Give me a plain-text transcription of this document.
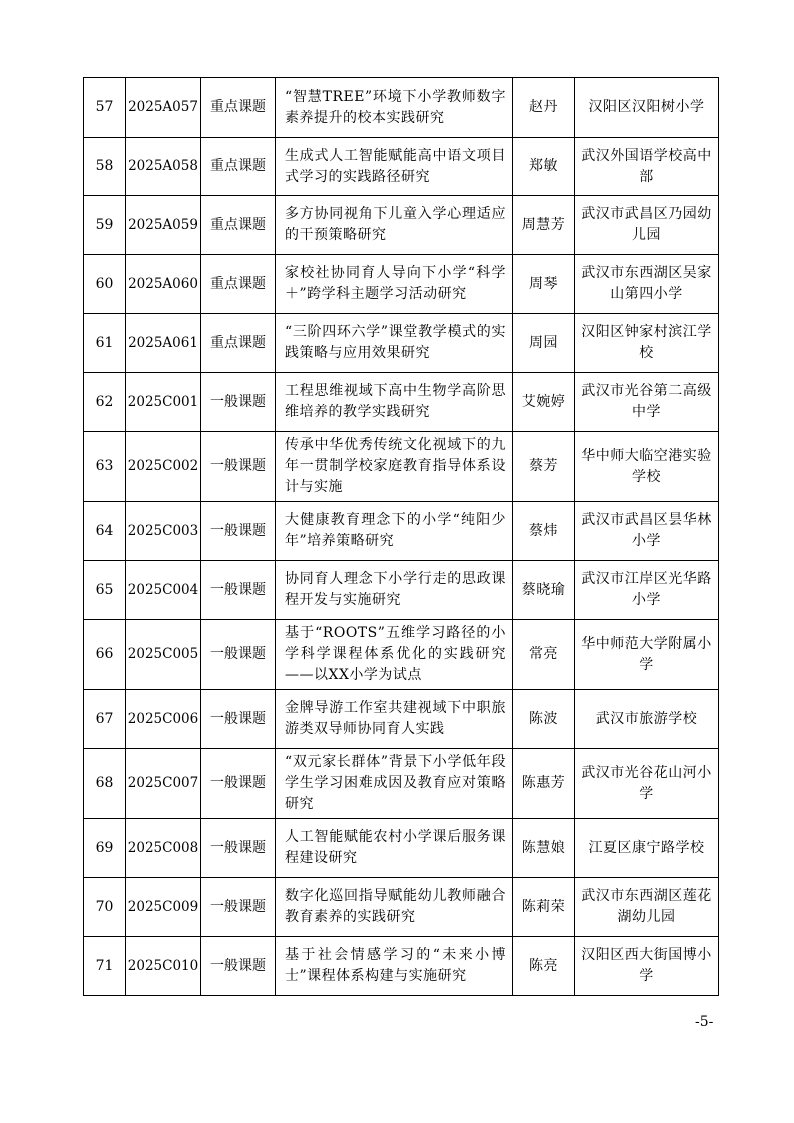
57	2025A057	重点课题	“智慧TREE”环境下小学教师数字素养提升的校本实践研究	赵丹	汉阳区汉阳树小学
58	2025A058	重点课题	生成式人工智能赋能高中语文项目式学习的实践路径研究	郑敏	武汉外国语学校高中部
59	2025A059	重点课题	多方协同视角下儿童入学心理适应的干预策略研究	周慧芳	武汉市武昌区乃园幼儿园
60	2025A060	重点课题	家校社协同育人导向下小学“科学＋”跨学科主题学习活动研究	周琴	武汉市东西湖区吴家山第四小学
61	2025A061	重点课题	“三阶四环六学”课堂教学模式的实践策略与应用效果研究	周园	汉阳区钟家村滨江学校
62	2025C001	一般课题	工程思维视域下高中生物学高阶思维培养的教学实践研究	艾婉婷	武汉市光谷第二高级中学
63	2025C002	一般课题	传承中华优秀传统文化视域下的九年一贯制学校家庭教育指导体系设计与实施	蔡芳	华中师大临空港实验学校
64	2025C003	一般课题	大健康教育理念下的小学“纯阳少年”培养策略研究	蔡炜	武汉市武昌区昙华林小学
65	2025C004	一般课题	协同育人理念下小学行走的思政课程开发与实施研究	蔡晓瑜	武汉市江岸区光华路小学
66	2025C005	一般课题	基于“ROOTS”五维学习路径的小学科学课程体系优化的实践研究——以XX小学为试点	常亮	华中师范大学附属小学
67	2025C006	一般课题	金牌导游工作室共建视域下中职旅游类双导师协同育人实践	陈波	武汉市旅游学校
68	2025C007	一般课题	“双元家长群体”背景下小学低年段学生学习困难成因及教育应对策略研究	陈惠芳	武汉市光谷花山河小学
69	2025C008	一般课题	人工智能赋能农村小学课后服务课程建设研究	陈慧娘	江夏区康宁路学校
70	2025C009	一般课题	数字化巡回指导赋能幼儿教师融合教育素养的实践研究	陈莉荣	武汉市东西湖区莲花湖幼儿园
71	2025C010	一般课题	基于社会情感学习的“未来小博士”课程体系构建与实施研究	陈亮	汉阳区西大街国博小学
-5-
